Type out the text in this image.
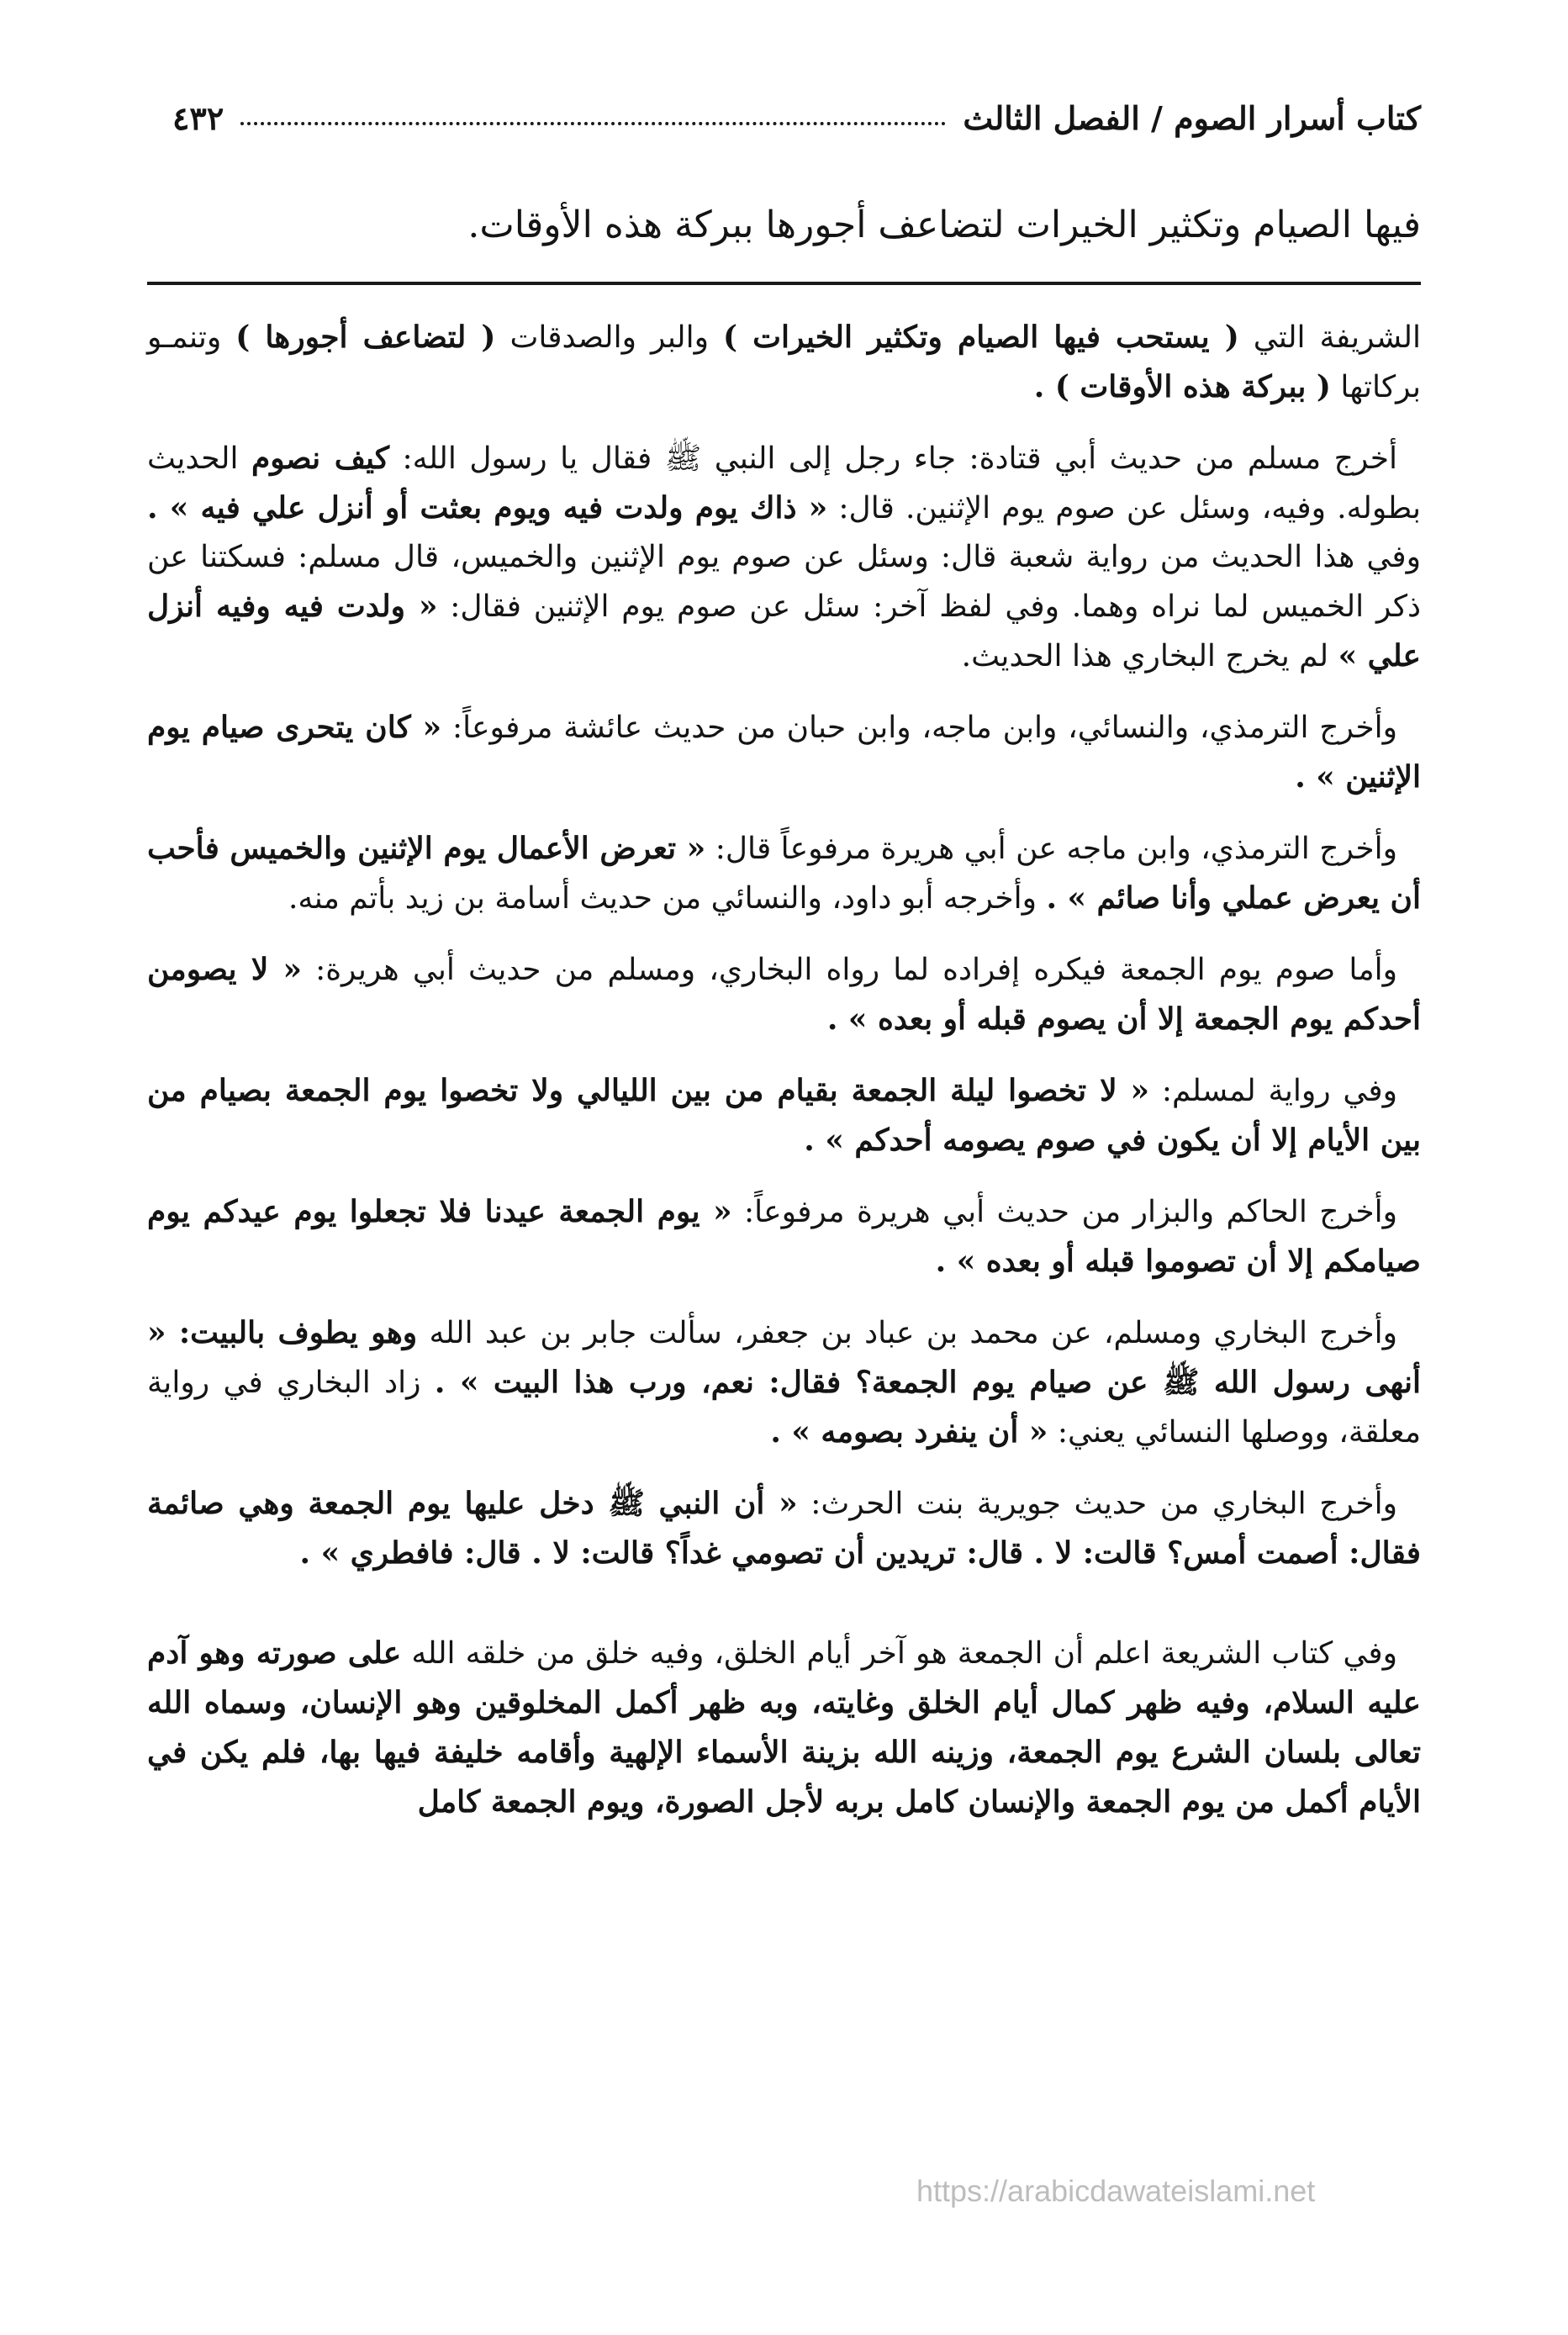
كتاب أسرار الصوم / الفصل الثالث
٤٣٢
فيها الصيام وتكثير الخيرات لتضاعف أجورها ببركة هذه الأوقات.

الشريفة التي ( يستحب فيها الصيام وتكثير الخيرات ) والبر والصدقات ( لتضاعف أجورها ) وتنمـو بركاتها ( ببركة هذه الأوقات ) .

أخرج مسلم من حديث أبي قتادة: جاء رجل إلى النبي ﷺ فقال يا رسول الله: كيف نصوم الحديث بطوله. وفيه، وسئل عن صوم يوم الإثنين. قال: « ذاك يوم ولدت فيه ويوم بعثت أو أنزل علي فيه » . وفي هذا الحديث من رواية شعبة قال: وسئل عن صوم يوم الإثنين والخميس، قال مسلم: فسكتنا عن ذكر الخميس لما نراه وهما. وفي لفظ آخر: سئل عن صوم يوم الإثنين فقال: « ولدت فيه وفيه أنزل علي » لم يخرج البخاري هذا الحديث.

وأخرج الترمذي، والنسائي، وابن ماجه، وابن حبان من حديث عائشة مرفوعاً: « كان يتحرى صيام يوم الإثنين » .

وأخرج الترمذي، وابن ماجه عن أبي هريرة مرفوعاً قال: « تعرض الأعمال يوم الإثنين والخميس فأحب أن يعرض عملي وأنا صائم » . وأخرجه أبو داود، والنسائي من حديث أسامة بن زيد بأتم منه.

وأما صوم يوم الجمعة فيكره إفراده لما رواه البخاري، ومسلم من حديث أبي هريرة: « لا يصومن أحدكم يوم الجمعة إلا أن يصوم قبله أو بعده » .

وفي رواية لمسلم: « لا تخصوا ليلة الجمعة بقيام من بين الليالي ولا تخصوا يوم الجمعة بصيام من بين الأيام إلا أن يكون في صوم يصومه أحدكم » .

وأخرج الحاكم والبزار من حديث أبي هريرة مرفوعاً: « يوم الجمعة عيدنا فلا تجعلوا يوم عيدكم يوم صيامكم إلا أن تصوموا قبله أو بعده » .

وأخرج البخاري ومسلم، عن محمد بن عباد بن جعفر، سألت جابر بن عبد الله وهو يطوف بالبيت: « أنهى رسول الله ﷺ عن صيام يوم الجمعة؟ فقال: نعم، ورب هذا البيت » . زاد البخاري في رواية معلقة، ووصلها النسائي يعني: « أن ينفرد بصومه » .

وأخرج البخاري من حديث جويرية بنت الحرث: « أن النبي ﷺ دخل عليها يوم الجمعة وهي صائمة فقال: أصمت أمس؟ قالت: لا . قال: تريدين أن تصومي غداً؟ قالت: لا . قال: فافطري » .

وفي كتاب الشريعة اعلم أن الجمعة هو آخر أيام الخلق، وفيه خلق من خلقه الله على صورته وهو آدم عليه السلام، وفيه ظهر كمال أيام الخلق وغايته، وبه ظهر أكمل المخلوقين وهو الإنسان، وسماه الله تعالى بلسان الشرع يوم الجمعة، وزينه الله بزينة الأسماء الإلهية وأقامه خليفة فيها بها، فلم يكن في الأيام أكمل من يوم الجمعة والإنسان كامل بربه لأجل الصورة، ويوم الجمعة كامل

https://arabicdawateislami.net
